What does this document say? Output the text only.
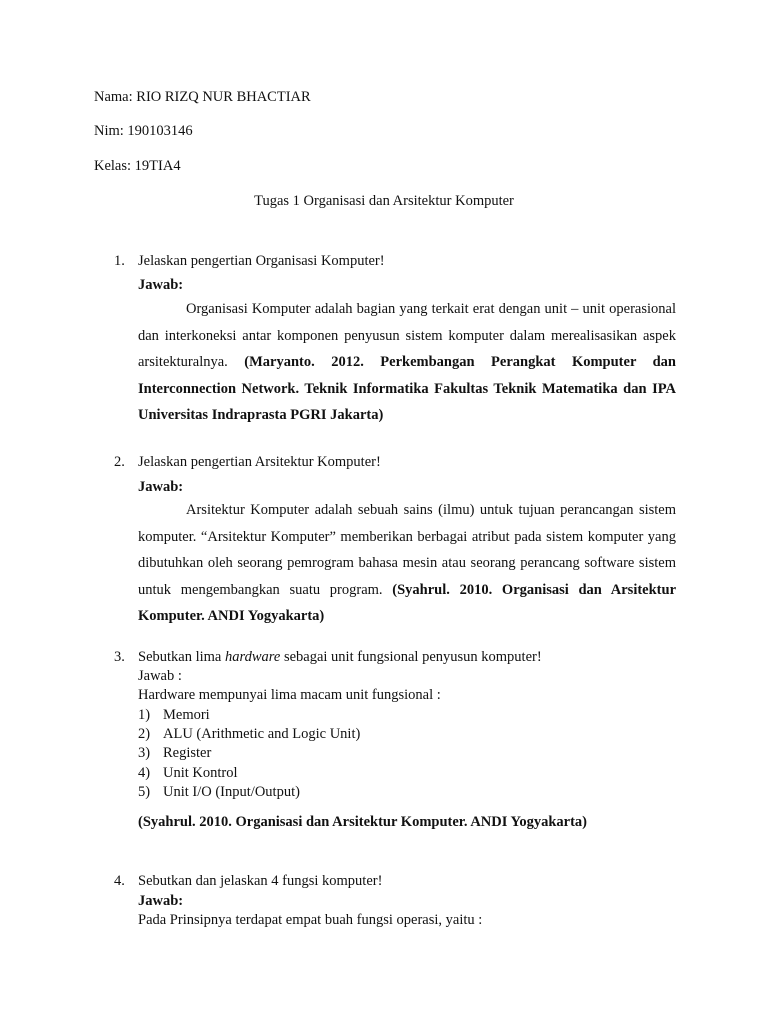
Nama: RIO RIZQ NUR BHACTIAR
Nim: 190103146
Kelas: 19TIA4
Tugas 1 Organisasi dan Arsitektur Komputer
1. Jelaskan pengertian Organisasi Komputer!
Jawab:
Organisasi Komputer adalah bagian yang terkait erat dengan unit – unit operasional dan interkoneksi antar komponen penyusun sistem komputer dalam merealisasikan aspek arsitekturalnya. (Maryanto. 2012. Perkembangan Perangkat Komputer dan Interconnection Network. Teknik Informatika Fakultas Teknik Matematika dan IPA Universitas Indraprasta PGRI Jakarta)
2. Jelaskan pengertian Arsitektur Komputer!
Jawab:
Arsitektur Komputer adalah sebuah sains (ilmu) untuk tujuan perancangan sistem komputer. “Arsitektur Komputer” memberikan berbagai atribut pada sistem komputer yang dibutuhkan oleh seorang pemrogram bahasa mesin atau seorang perancang software sistem untuk mengembangkan suatu program. (Syahrul. 2010. Organisasi dan Arsitektur Komputer. ANDI Yogyakarta)
3. Sebutkan lima hardware sebagai unit fungsional penyusun komputer!
Jawab :
Hardware mempunyai lima macam unit fungsional :
1) Memori
2) ALU (Arithmetic and Logic Unit)
3) Register
4) Unit Kontrol
5) Unit I/O (Input/Output)
(Syahrul. 2010. Organisasi dan Arsitektur Komputer. ANDI Yogyakarta)
4. Sebutkan dan jelaskan 4 fungsi komputer!
Jawab:
Pada Prinsipnya terdapat empat buah fungsi operasi, yaitu :
